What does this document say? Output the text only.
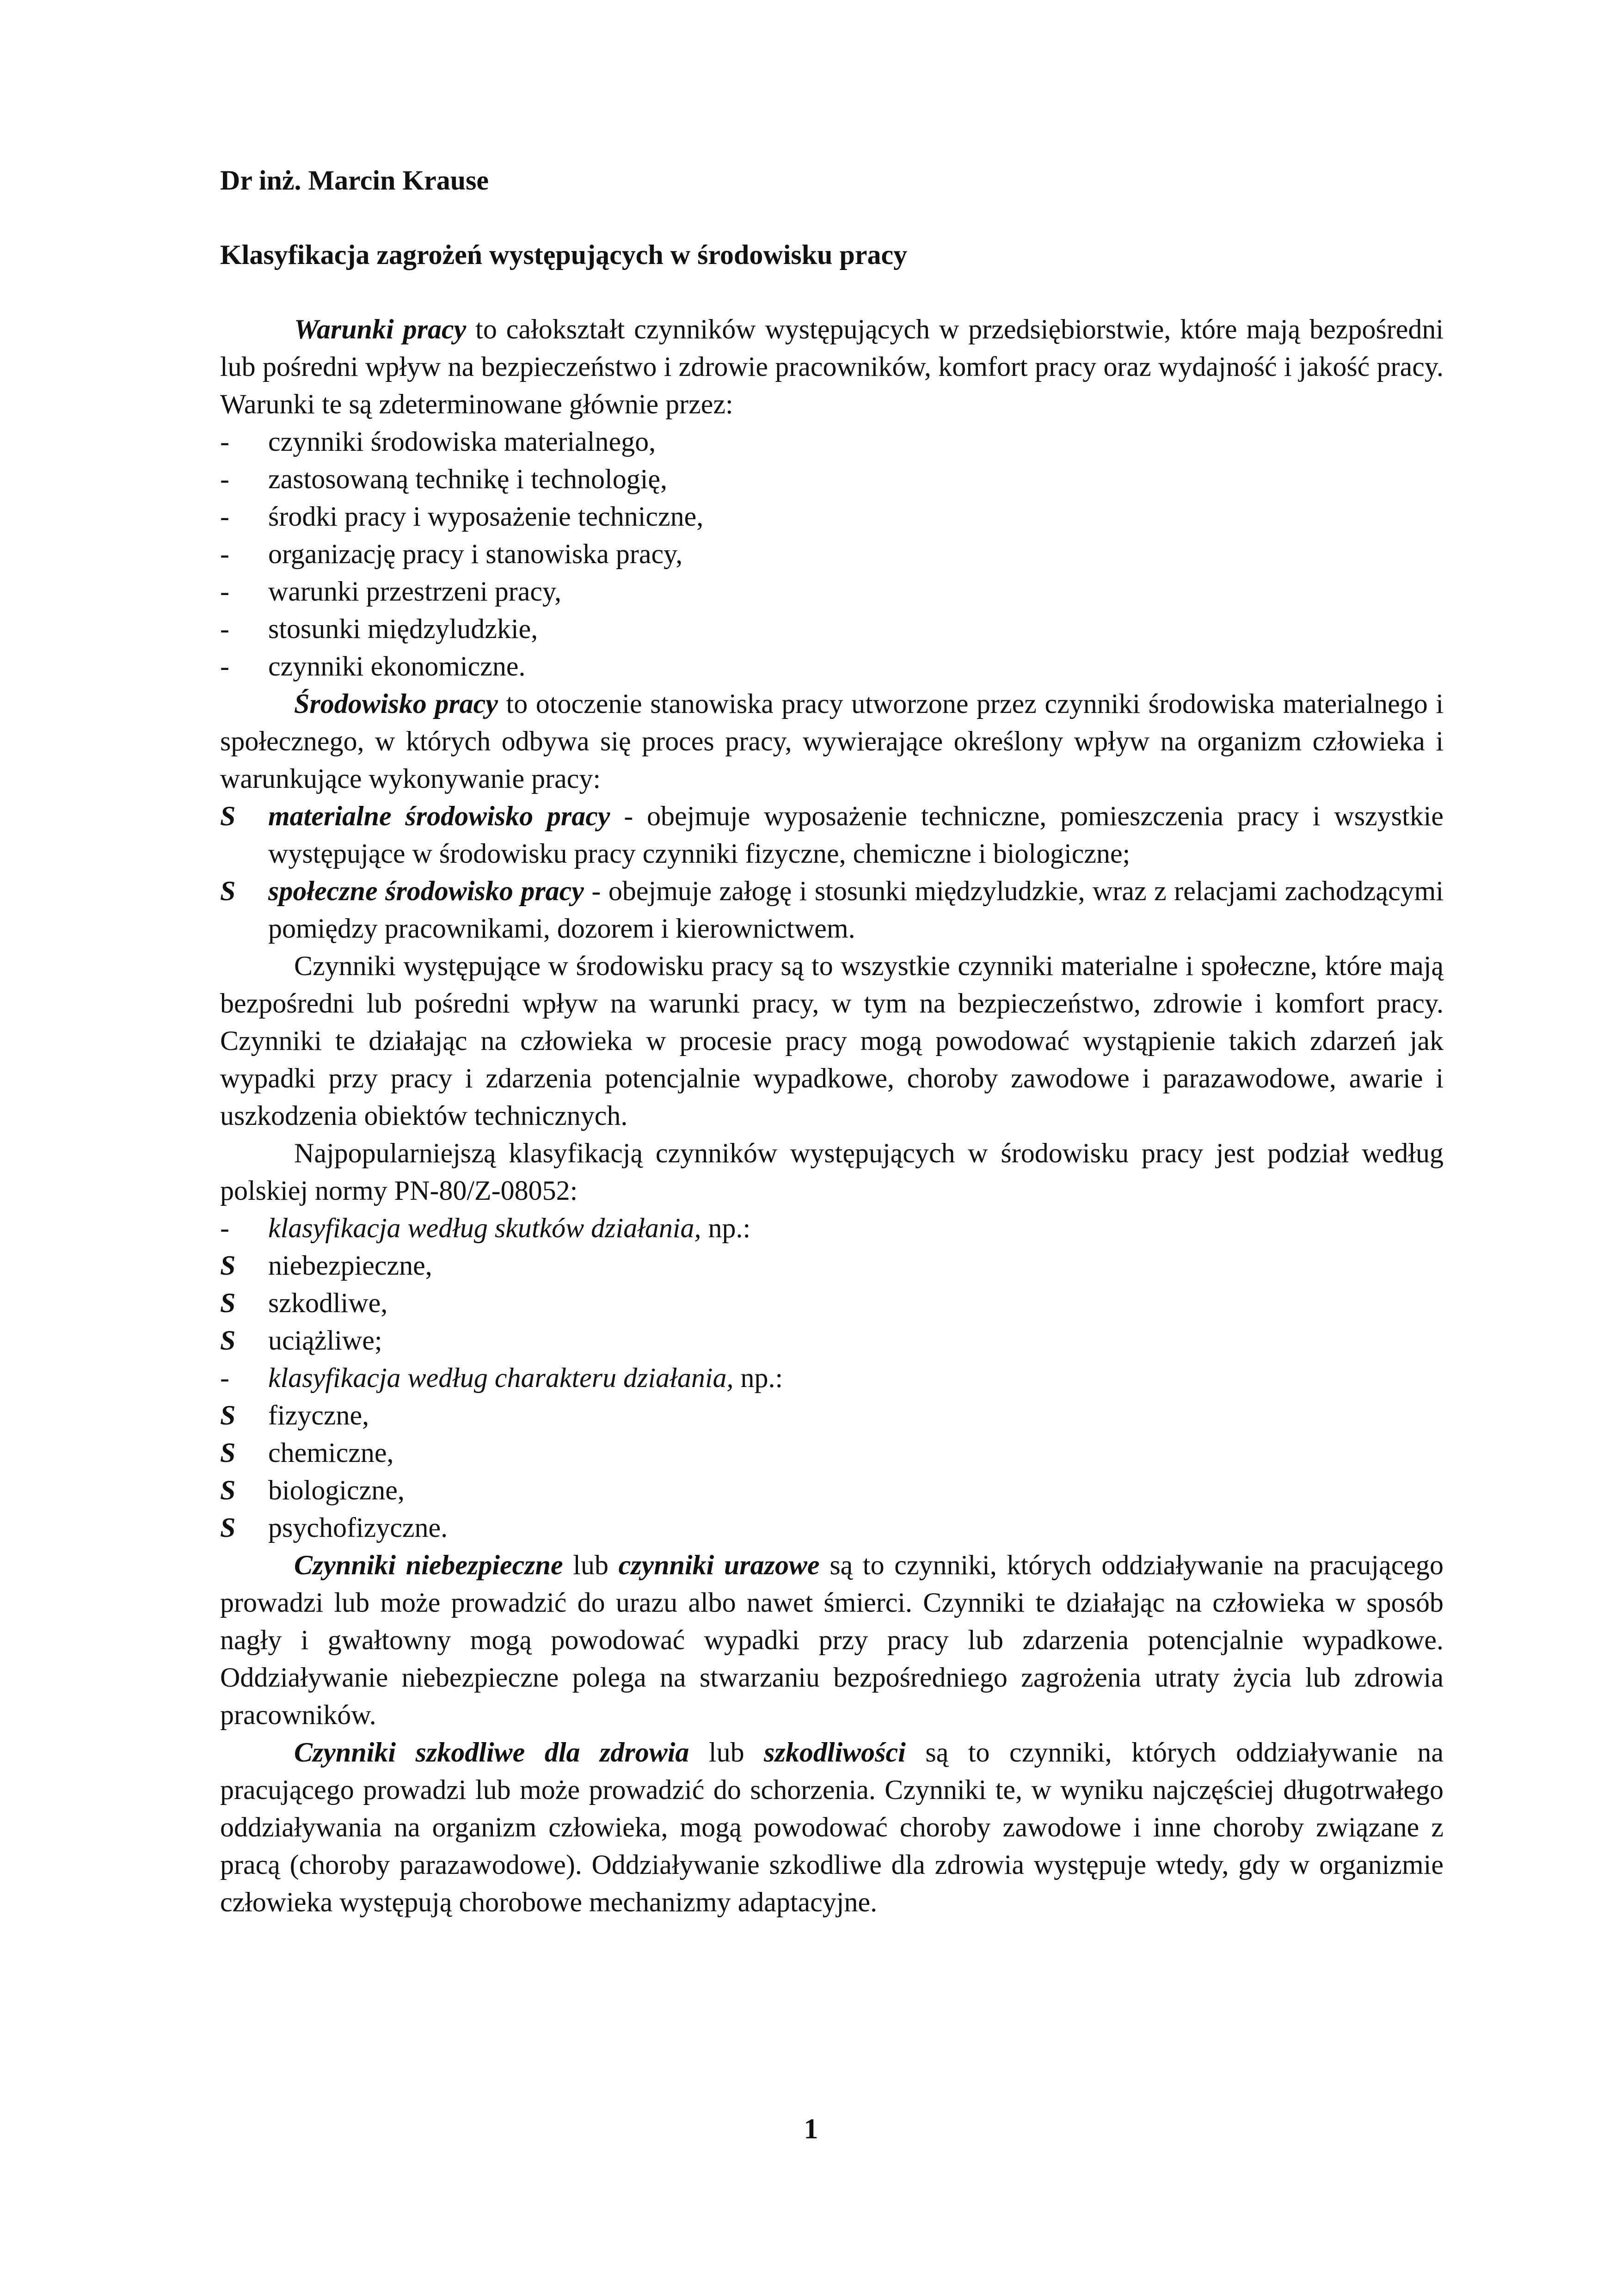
Dr inż. Marcin Krause
Klasyfikacja zagrożeń występujących w środowisku pracy

Warunki pracy to całokształt czynników występujących w przedsiębiorstwie, które mają bezpośredni lub pośredni wpływ na bezpieczeństwo i zdrowie pracowników, komfort pracy oraz wydajność i jakość pracy. Warunki te są zdeterminowane głównie przez:

- czynniki środowiska materialnego,
- zastosowaną technikę i technologię,
- środki pracy i wyposażenie techniczne,
- organizację pracy i stanowiska pracy,
- warunki przestrzeni pracy,
- stosunki międzyludzkie,
- czynniki ekonomiczne.

Środowisko pracy to otoczenie stanowiska pracy utworzone przez czynniki środowiska materialnego i społecznego, w których odbywa się proces pracy, wywierające określony wpływ na organizm człowieka i warunkujące wykonywanie pracy:

S materialne środowisko pracy - obejmuje wyposażenie techniczne, pomieszczenia pracy i wszystkie występujące w środowisku pracy czynniki fizyczne, chemiczne i biologiczne;
S społeczne środowisko pracy - obejmuje załogę i stosunki międzyludzkie, wraz z relacjami zachodzącymi pomiędzy pracownikami, dozorem i kierownictwem.

Czynniki występujące w środowisku pracy są to wszystkie czynniki materialne i społeczne, które mają bezpośredni lub pośredni wpływ na warunki pracy, w tym na bezpieczeństwo, zdrowie i komfort pracy. Czynniki te działając na człowieka w procesie pracy mogą powodować wystąpienie takich zdarzeń jak wypadki przy pracy i zdarzenia potencjalnie wypadkowe, choroby zawodowe i parazawodowe, awarie i uszkodzenia obiektów technicznych.

Najpopularniejszą klasyfikacją czynników występujących w środowisku pracy jest podział według polskiej normy PN-80/Z-08052:

- klasyfikacja według skutków działania, np.:
S niebezpieczne,
S szkodliwe,
S uciążliwe;
- klasyfikacja według charakteru działania, np.:
S fizyczne,
S chemiczne,
S biologiczne,
S psychofizyczne.

Czynniki niebezpieczne lub czynniki urazowe są to czynniki, których oddziaływanie na pracującego prowadzi lub może prowadzić do urazu albo nawet śmierci. Czynniki te działając na człowieka w sposób nagły i gwałtowny mogą powodować wypadki przy pracy lub zdarzenia potencjalnie wypadkowe. Oddziaływanie niebezpieczne polega na stwarzaniu bezpośredniego zagrożenia utraty życia lub zdrowia pracowników.

Czynniki szkodliwe dla zdrowia lub szkodliwości są to czynniki, których oddziaływanie na pracującego prowadzi lub może prowadzić do schorzenia. Czynniki te, w wyniku najczęściej długotrwałego oddziaływania na organizm człowieka, mogą powodować choroby zawodowe i inne choroby związane z pracą (choroby parazawodowe). Oddziaływanie szkodliwe dla zdrowia występuje wtedy, gdy w organizmie człowieka występują chorobowe mechanizmy adaptacyjne.

1
